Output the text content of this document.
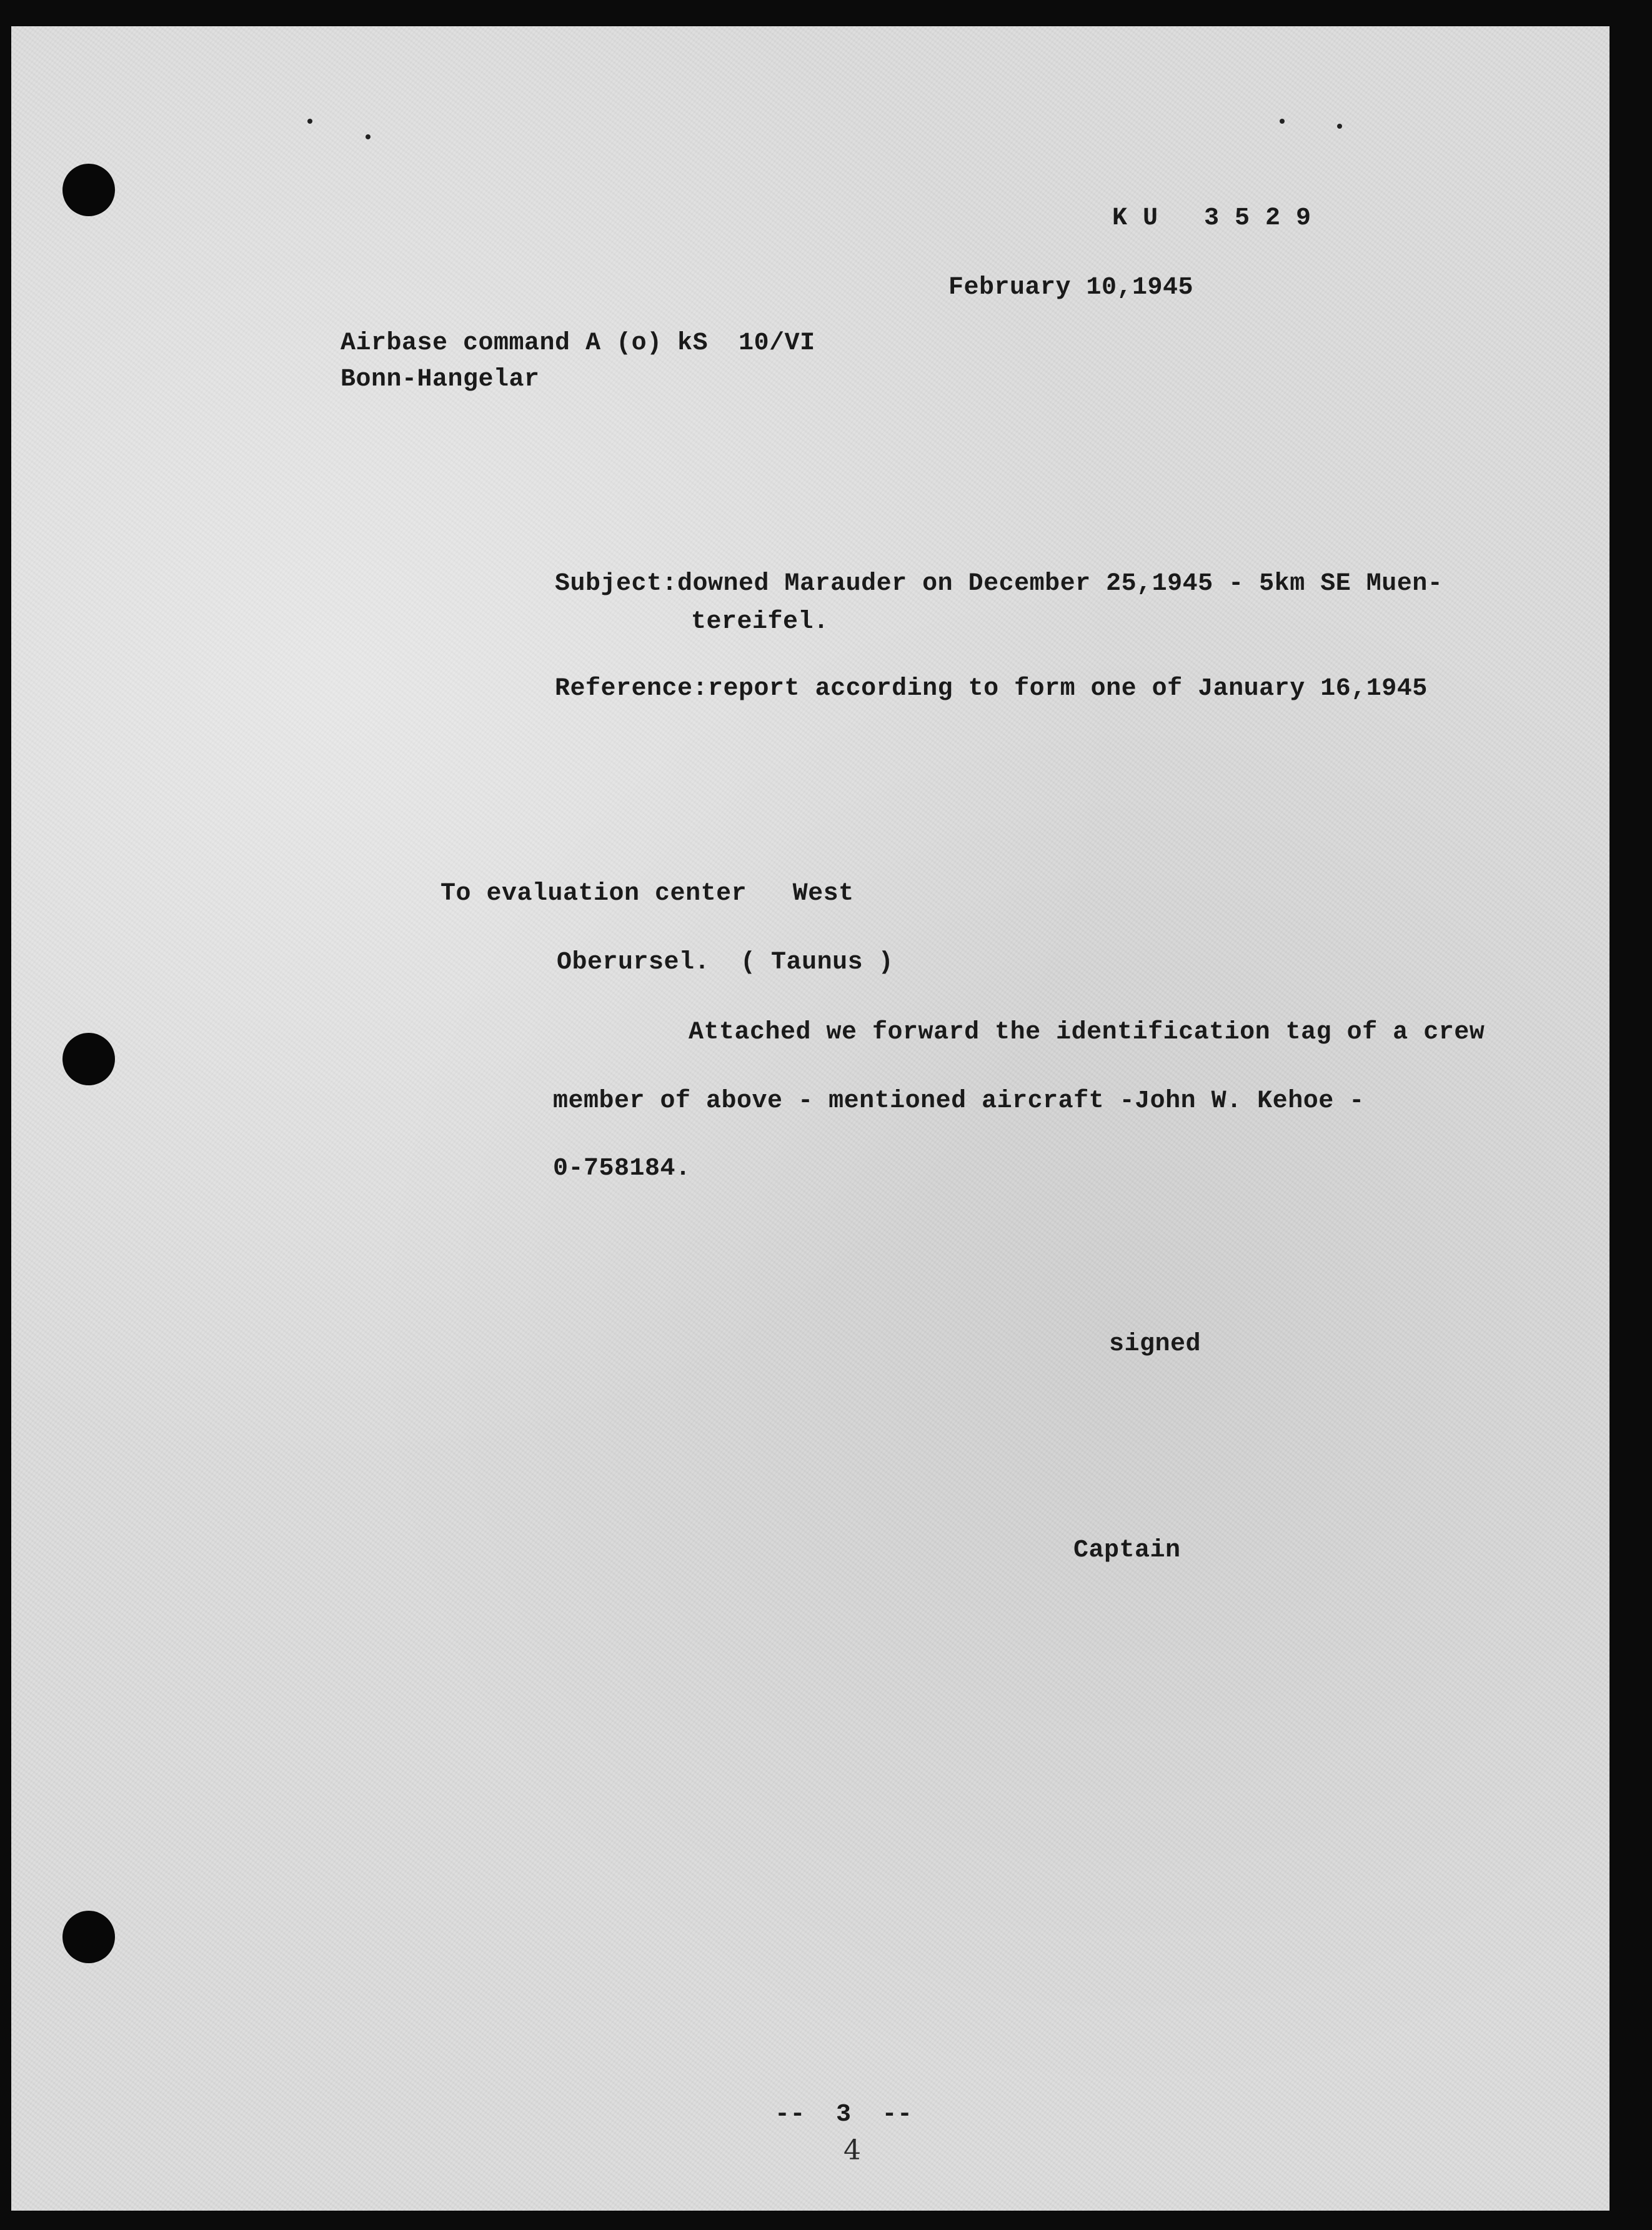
K U   3 5 2 9
February 10,1945
Airbase command A (o) kS  10/VI
Bonn-Hangelar
Subject:downed Marauder on December 25,1945 - 5km SE Muen-
tereifel.
Reference:report according to form one of January 16,1945
To evaluation center   West
Oberursel.  ( Taunus )
Attached we forward the identification tag of a crew
member of above - mentioned aircraft -John W. Kehoe -
0-758184.
signed
Captain
--  3  --
4
